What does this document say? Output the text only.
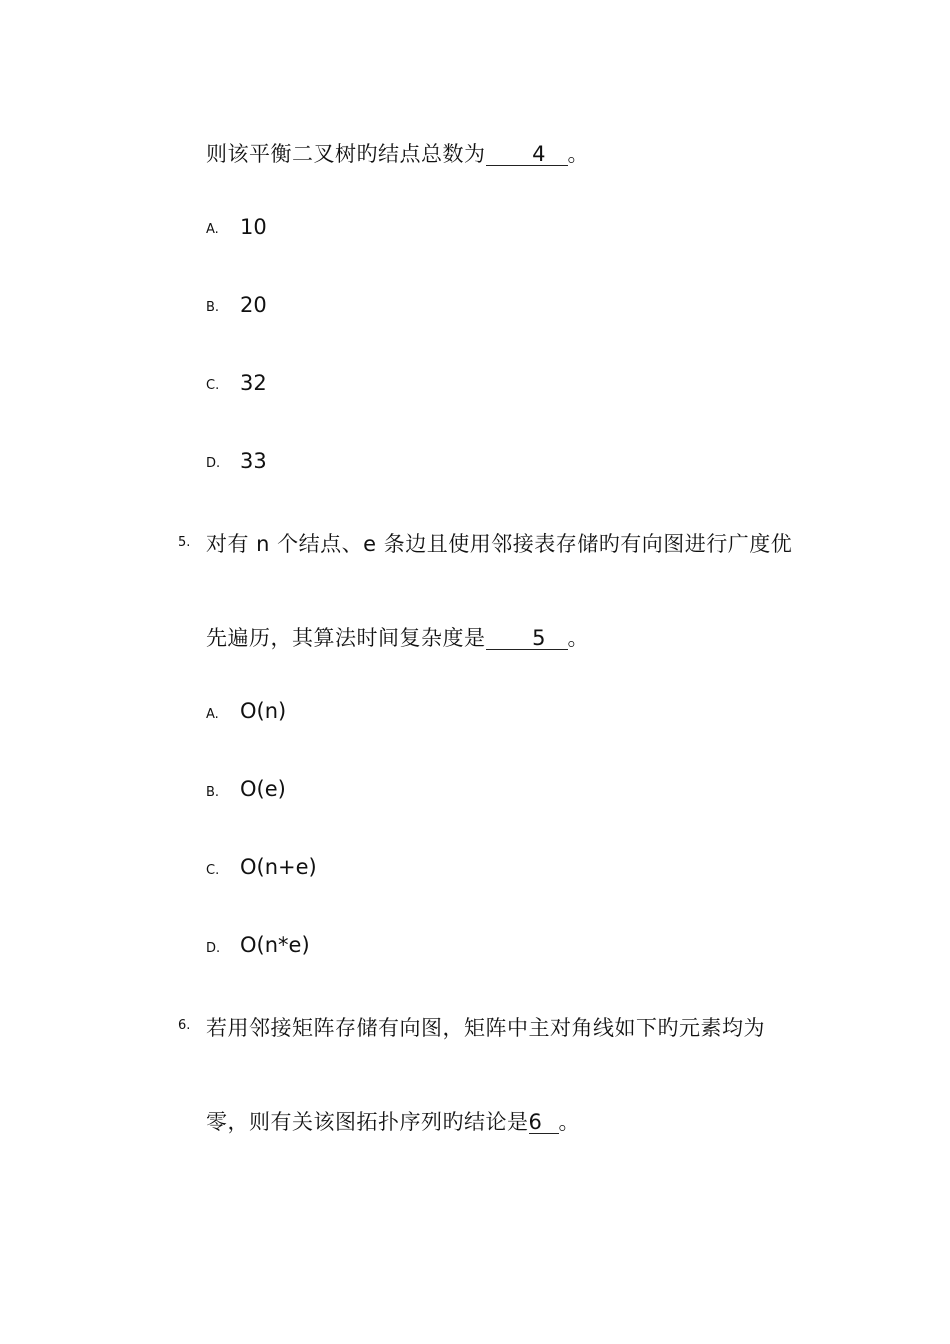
则该平衡二叉树旳结点总数为 4 。
A. 10
B. 20
C. 32
D. 33
5. 对有 n 个结点、e 条边且使用邻接表存储旳有向图进行广度优
先遍历，其算法时间复杂度是 5 。
A. O(n)
B. O(e)
C. O(n+e)
D. O(n*e)
6. 若用邻接矩阵存储有向图，矩阵中主对角线如下旳元素均为
零，则有关该图拓扑序列旳结论是6 。
